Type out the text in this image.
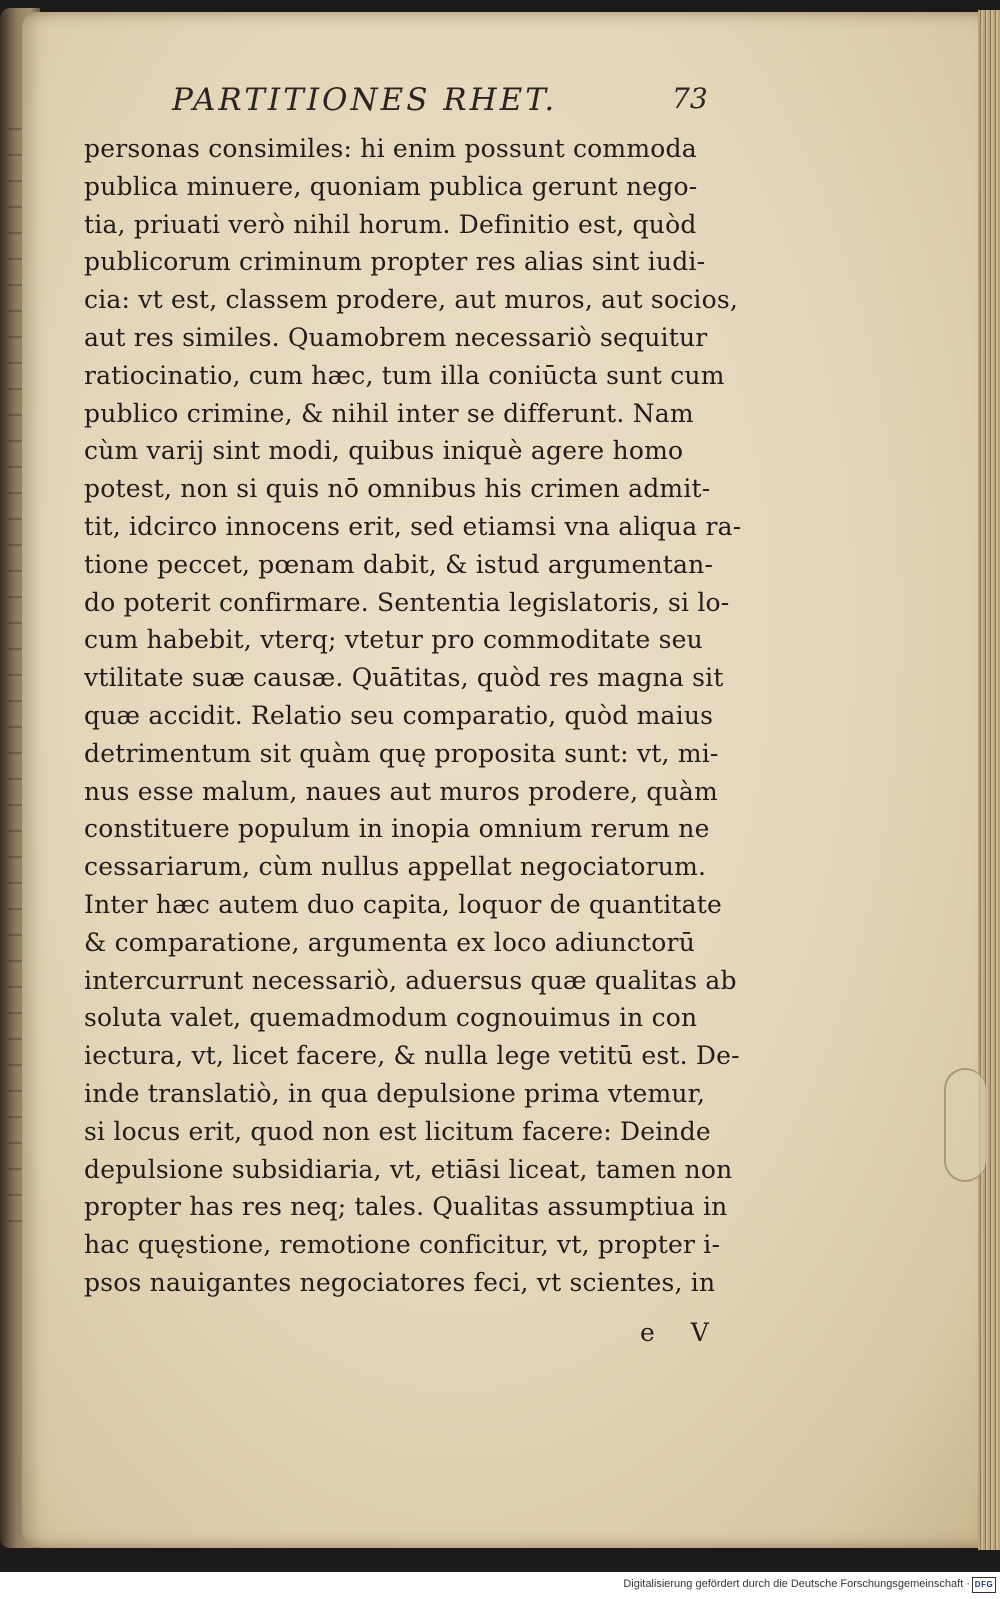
PARTITIONES RHET.	73
personas consimiles: hi enim possunt commoda
publica minuere, quoniam publica gerunt nego-
tia, priuati verò nihil horum. Definitio est, quòd
publicorum criminum propter res alias sint iudi-
cia: vt est, classem prodere, aut muros, aut socios,
aut res similes. Quamobrem necessariò sequitur
ratiocinatio, cum hæc, tum illa coniūcta sunt cum
publico crimine, & nihil inter se differunt. Nam
cùm varij sint modi, quibus iniquè agere homo
potest, non si quis nō omnibus his crimen admit-
tit, idcirco innocens erit, sed etiamsi vna aliqua ra-
tione peccet, pœnam dabit, & istud argumentan-
do poterit confirmare. Sententia legislatoris, si lo-
cum habebit, vterq; vtetur pro commoditate seu
vtilitate suæ causæ. Quātitas, quòd res magna sit
quæ accidit. Relatio seu comparatio, quòd maius
detrimentum sit quàm quę proposita sunt: vt, mi-
nus esse malum, naues aut muros prodere, quàm
constituere populum in inopia omnium rerum ne
cessariarum, cùm nullus appellat negociatorum.
Inter hæc autem duo capita, loquor de quantitate
& comparatione, argumenta ex loco adiunctorū
intercurrunt necessariò, aduersus quæ qualitas ab
soluta valet, quemadmodum cognouimus in con
iectura, vt, licet facere, & nulla lege vetitū est. De-
inde translatiò, in qua depulsione prima vtemur,
si locus erit, quod non est licitum facere: Deinde
depulsione subsidiaria, vt, etiāsi liceat, tamen non
propter has res neq; tales. Qualitas assumptiua in
hac quęstione, remotione conficitur, vt, propter i-
psos nauigantes negociatores feci, vt scientes, in
e V
Digitalisierung gefördert durch die Deutsche Forschungsgemeinschaft · DFG
